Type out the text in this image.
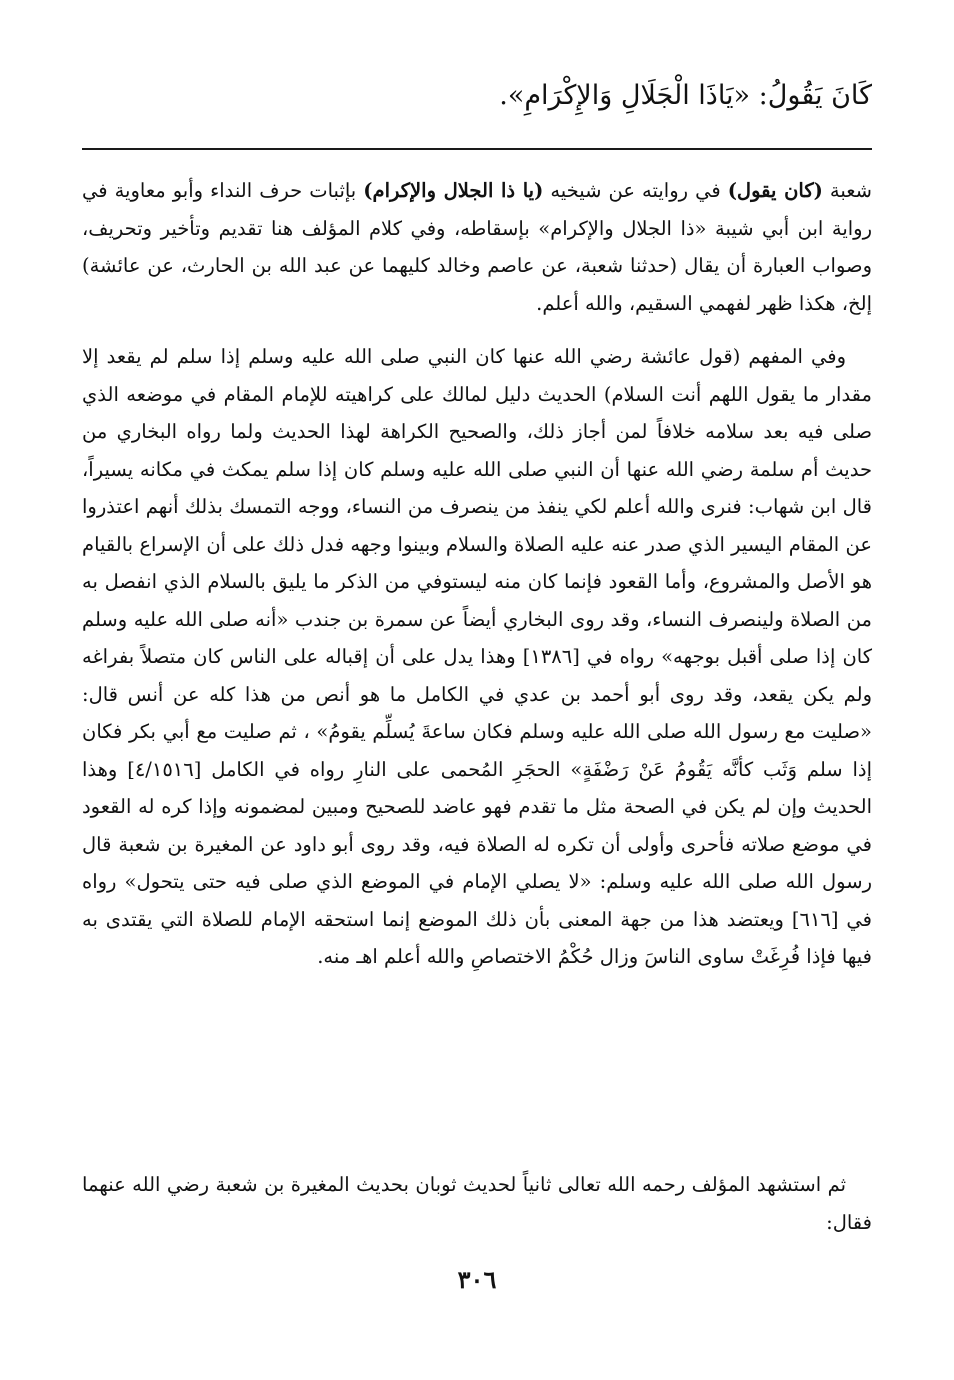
كَانَ يَقُولُ: «يَاذَا الْجَلَالِ وَالإِكْرَامِ».
شعبة (كان يقول) في روايته عن شيخيه (يا ذا الجلال والإكرام) بإثبات حرف النداء وأبو معاوية في رواية ابن أبي شيبة «ذا الجلال والإكرام» بإسقاطه، وفي كلام المؤلف هنا تقديم وتأخير وتحريف، وصواب العبارة أن يقال (حدثنا شعبة، عن عاصم وخالد كليهما عن عبد الله بن الحارث، عن عائشة) إلخ، هكذا ظهر لفهمي السقيم، والله أعلم.
وفي المفهم (قول عائشة رضي الله عنها كان النبي صلى الله عليه وسلم إذا سلم لم يقعد إلا مقدار ما يقول اللهم أنت السلام) الحديث دليل لمالك على كراهيته للإمام المقام في موضعه الذي صلى فيه بعد سلامه خلافاً لمن أجاز ذلك، والصحيح الكراهة لهذا الحديث ولما رواه البخاري من حديث أم سلمة رضي الله عنها أن النبي صلى الله عليه وسلم كان إذا سلم يمكث في مكانه يسيراً، قال ابن شهاب: فنرى والله أعلم لكي ينفذ من ينصرف من النساء، ووجه التمسك بذلك أنهم اعتذروا عن المقام اليسير الذي صدر عنه عليه الصلاة والسلام وبينوا وجهه فدل ذلك على أن الإسراع بالقيام هو الأصل والمشروع، وأما القعود فإنما كان منه ليستوفي من الذكر ما يليق بالسلام الذي انفصل به من الصلاة ولينصرف النساء، وقد روى البخاري أيضاً عن سمرة بن جندب «أنه صلى الله عليه وسلم كان إذا صلى أقبل بوجهه» رواه في [١٣٨٦] وهذا يدل على أن إقباله على الناس كان متصلاً بفراغه ولم يكن يقعد، وقد روى أبو أحمد بن عدي في الكامل ما هو أنص من هذا كله عن أنس قال: «صليت مع رسول الله صلى الله عليه وسلم فكان ساعةَ يُسلِّم يقومُ» ، ثم صليت مع أبي بكر فكان إذا سلم وَثَب كأنَّه يَقُومُ عَنْ رَضْفَةٍ» الحجَرِ المُحمى على النارِ رواه في الكامل [٤/١٥١٦] وهذا الحديث وإن لم يكن في الصحة مثل ما تقدم فهو عاضد للصحيح ومبين لمضمونه وإذا كره له القعود في موضع صلاته فأحرى وأولى أن تكره له الصلاة فيه، وقد روى أبو داود عن المغيرة بن شعبة قال رسول الله صلى الله عليه وسلم: «لا يصلي الإمام في الموضع الذي صلى فيه حتى يتحول» رواه في [٦١٦] ويعتضد هذا من جهة المعنى بأن ذلك الموضع إنما استحقه الإمام للصلاة التي يقتدى به فيها فإذا فُرِغَتْ ساوى الناسَ وزال حُكْمُ الاختصاصِ والله أعلم اهـ منه.
ثم استشهد المؤلف رحمه الله تعالى ثانياً لحديث ثوبان بحديث المغيرة بن شعبة رضي الله عنهما فقال:
٣٠٦
